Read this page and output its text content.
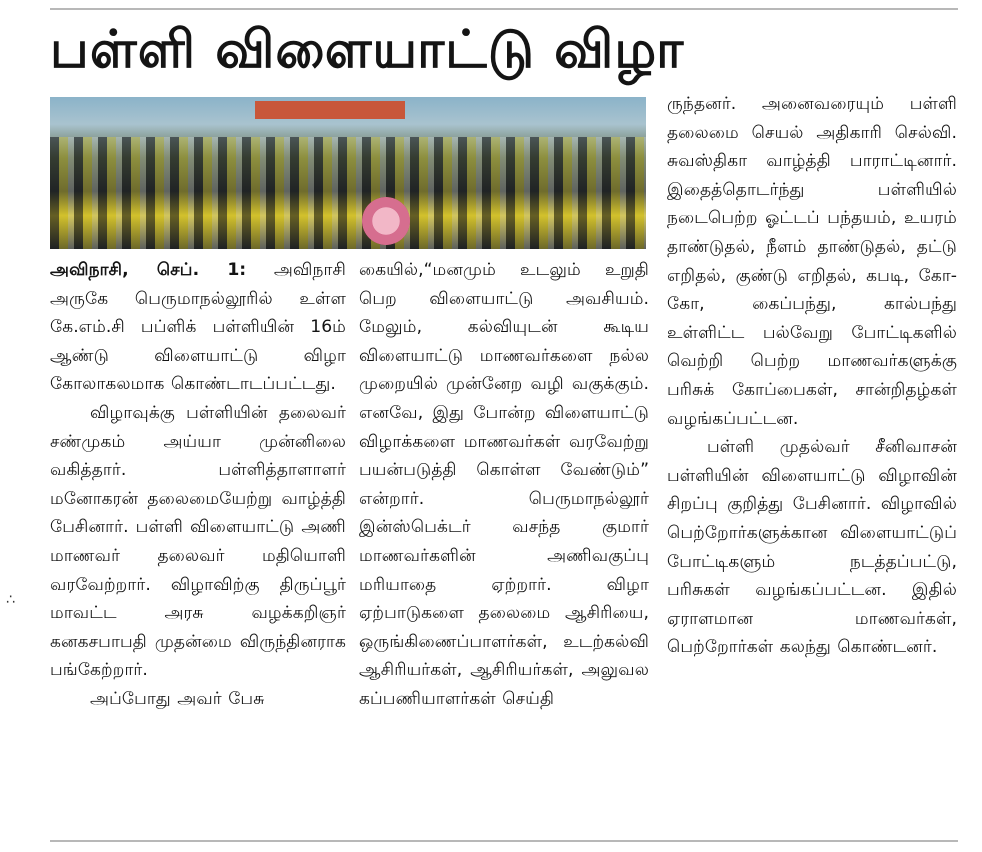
பள்ளி விளையாட்டு விழா

அவிநாசி, செப். 1: அவிநாசி அருகே பெருமாநல்லூரில் உள்ள கே.எம்.சி பப்ளிக் பள்ளியின் 16ம் ஆண்டு விளையாட்டு விழா கோலாகலமாக கொண்டாடப்பட்டது.

விழாவுக்கு பள்ளியின் தலைவர் சண்முகம் அய்யா முன்னிலை வகித்தார். பள்ளித்தாளாளர் மனோகரன் தலைமையேற்று வாழ்த்தி பேசினார். பள்ளி விளையாட்டு அணி மாணவர் தலைவர் மதியொளி வரவேற்றார். விழாவிற்கு திருப்பூர் மாவட்ட அரசு வழக்கறிஞர் கனகசபாபதி முதன்மை விருந்தினராக பங்கேற்றார்.

அப்போது அவர் பேசு

கையில்,“மனமும் உடலும் உறுதி பெற விளையாட்டு அவசியம். மேலும், கல்வியுடன் கூடிய விளையாட்டு மாணவர்களை நல்ல முறையில் முன்னேற வழி வகுக்கும். எனவே, இது போன்ற விளையாட்டு விழாக்களை மாணவர்கள் வரவேற்று பயன்படுத்தி கொள்ள வேண்டும்” என்றார். பெருமாநல்லூர் இன்ஸ்பெக்டர் வசந்த குமார் மாணவர்களின் அணிவகுப்பு மரியாதை ஏற்றார். விழா ஏற்பாடுகளை தலைமை ஆசிரியை, ஒருங்கிணைப்பாளர்கள், உடற்கல்வி ஆசிரியர்கள், ஆசிரியர்கள், அலுவல கப்பணியாளர்கள் செய்தி

ருந்தனர். அனைவரையும் பள்ளி தலைமை செயல் அதிகாரி செல்வி. சுவஸ்திகா வாழ்த்தி பாராட்டினார். இதைத்தொடர்ந்து பள்ளியில் நடைபெற்ற ஓட்டப் பந்தயம், உயரம் தாண்டுதல், நீளம் தாண்டுதல், தட்டு எறிதல், குண்டு எறிதல், கபடி, கோ- கோ, கைப்பந்து, கால்பந்து உள்ளிட்ட பல்வேறு போட்டிகளில் வெற்றி பெற்ற மாணவர்களுக்கு பரிசுக் கோப்பைகள், சான்றிதழ்கள் வழங்கப்பட்டன.

பள்ளி முதல்வர் சீனிவாசன் பள்ளியின் விளையாட்டு விழாவின் சிறப்பு குறித்து பேசினார். விழாவில் பெற்றோர்களுக்கான விளையாட்டுப் போட்டிகளும் நடத்தப்பட்டு, பரிசுகள் வழங்கப்பட்டன. இதில் ஏராளமான மாணவர்கள், பெற்றோர்கள் கலந்து கொண்டனர்.

∴
